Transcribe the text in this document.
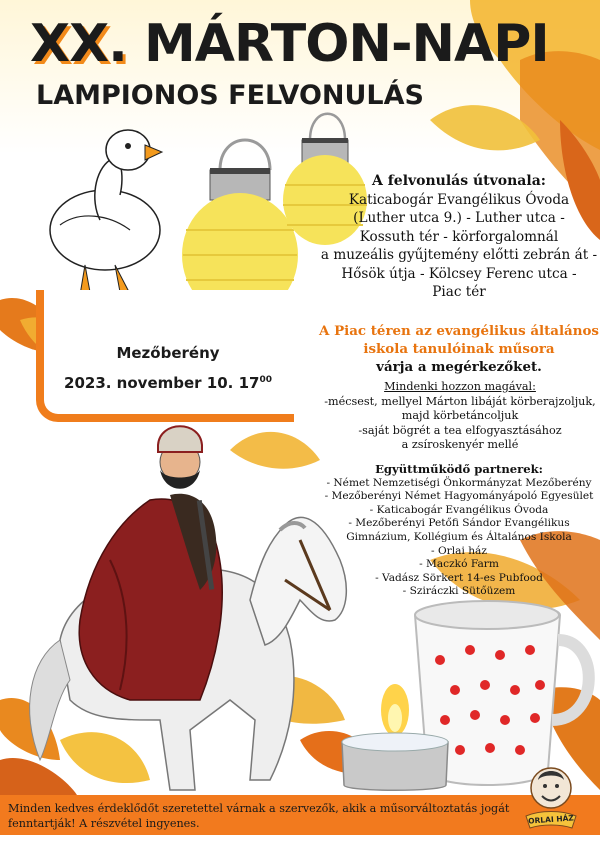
XX. MÁRTON-NAPI
LAMPIONOS FELVONULÁS
Mezőberény
2023. november 10. $17^{00}$
A felvonulás útvonala:
Katicabogár Evangélikus Óvoda
(Luther utca 9.) - Luther utca -
Kossuth tér - körforgalomnál
a muzeális gyűjtemény előtti zebrán át -
Hősök útja - Kölcsey Ferenc utca -
Piac tér
A Piac téren az evangélikus általános
iskola tanulóinak műsora
várja a megérkezőket.
Mindenki hozzon magával:
-mécsest, mellyel Márton libáját körberajzoljuk,
majd körbetáncoljuk
-saját bögrét a tea elfogyasztásához
a zsíroskenyér mellé
Együttműködő partnerek:
- Német Nemzetiségi Önkormányzat Mezőberény
- Mezőberényi Német Hagyományápoló Egyesület
- Katicabogár Evangélikus Óvoda
- Mezőberényi Petőfi Sándor Evangélikus
Gimnázium, Kollégium és Általános Iskola
- Orlai ház
- Maczkó Farm
- Vadász Sörkert 14-es Pubfood
- Sziráczki Sütőüzem
Minden kedves érdeklődőt szeretettel várnak a szervezők, akik a műsorváltoztatás jogát fenntartják! A részvétel ingyenes.	ORLAI HÁZ
